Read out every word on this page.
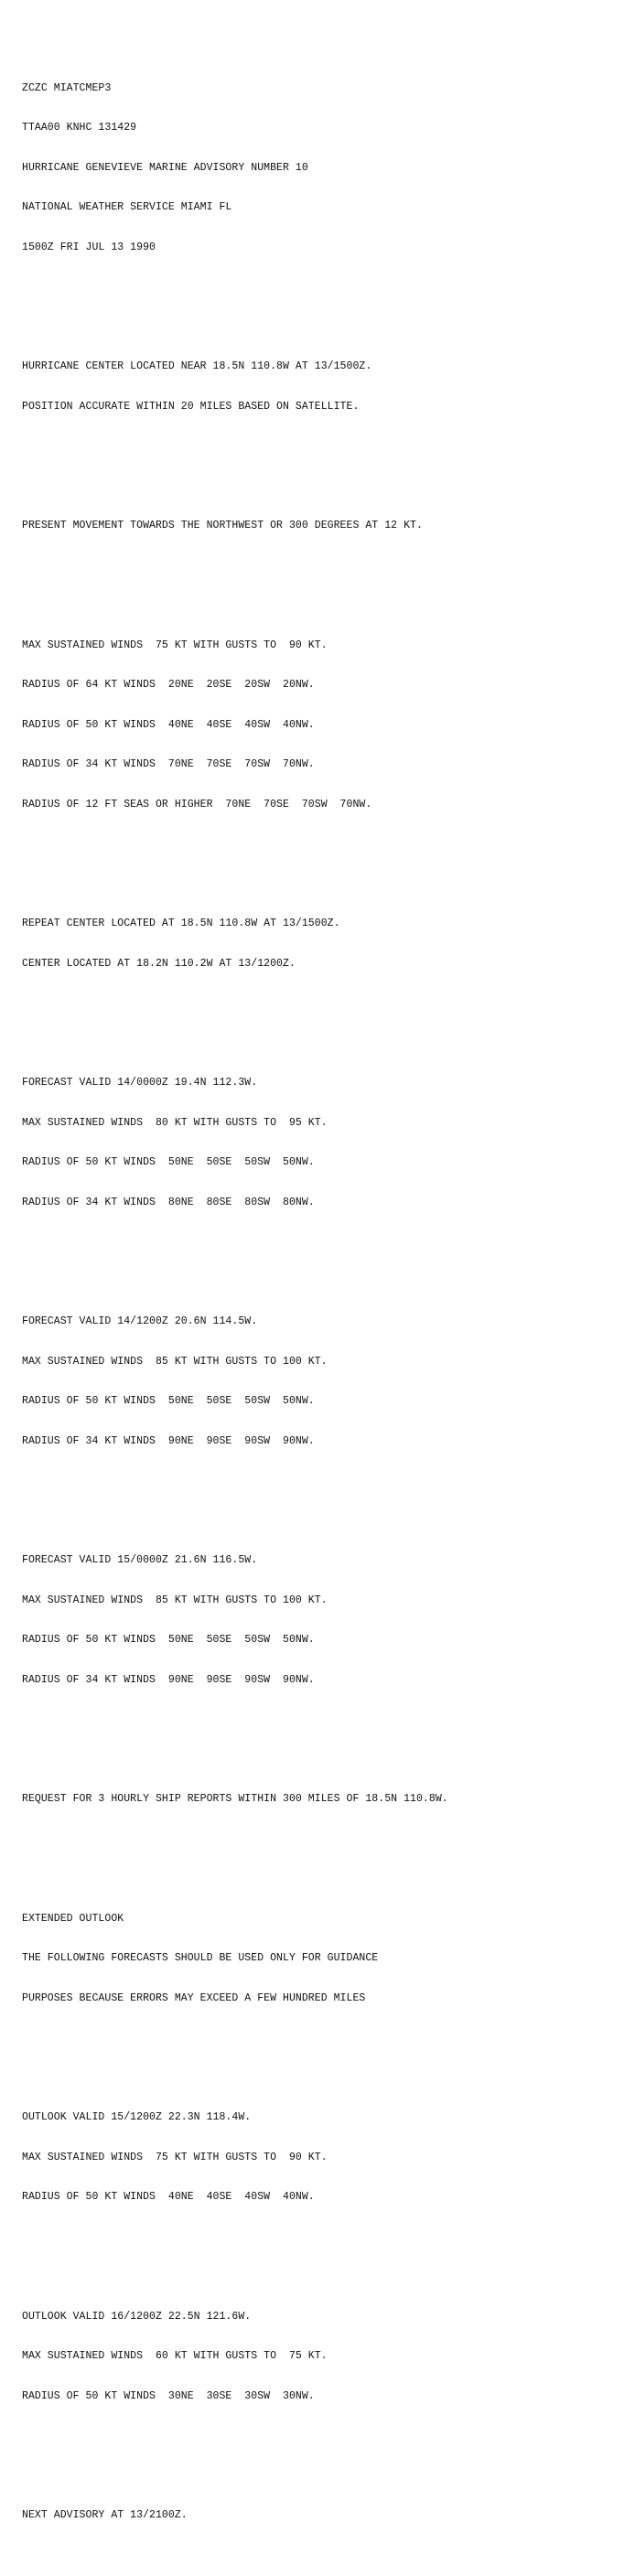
ZCZC MIATCMEP3

TTAA00 KNHC 131429

HURRICANE GENEVIEVE MARINE ADVISORY NUMBER 10

NATIONAL WEATHER SERVICE MIAMI FL

1500Z FRI JUL 13 1990

HURRICANE CENTER LOCATED NEAR 18.5N 110.8W AT 13/1500Z.

POSITION ACCURATE WITHIN 20 MILES BASED ON SATELLITE.

PRESENT MOVEMENT TOWARDS THE NORTHWEST OR 300 DEGREES AT 12 KT.

MAX SUSTAINED WINDS  75 KT WITH GUSTS TO  90 KT.

RADIUS OF 64 KT WINDS  20NE  20SE  20SW  20NW.

RADIUS OF 50 KT WINDS  40NE  40SE  40SW  40NW.

RADIUS OF 34 KT WINDS  70NE  70SE  70SW  70NW.

RADIUS OF 12 FT SEAS OR HIGHER  70NE  70SE  70SW  70NW.

REPEAT CENTER LOCATED AT 18.5N 110.8W AT 13/1500Z.

CENTER LOCATED AT 18.2N 110.2W AT 13/1200Z.

FORECAST VALID 14/0000Z 19.4N 112.3W.

MAX SUSTAINED WINDS  80 KT WITH GUSTS TO  95 KT.

RADIUS OF 50 KT WINDS  50NE  50SE  50SW  50NW.

RADIUS OF 34 KT WINDS  80NE  80SE  80SW  80NW.

FORECAST VALID 14/1200Z 20.6N 114.5W.

MAX SUSTAINED WINDS  85 KT WITH GUSTS TO 100 KT.

RADIUS OF 50 KT WINDS  50NE  50SE  50SW  50NW.

RADIUS OF 34 KT WINDS  90NE  90SE  90SW  90NW.

FORECAST VALID 15/0000Z 21.6N 116.5W.

MAX SUSTAINED WINDS  85 KT WITH GUSTS TO 100 KT.

RADIUS OF 50 KT WINDS  50NE  50SE  50SW  50NW.

RADIUS OF 34 KT WINDS  90NE  90SE  90SW  90NW.

REQUEST FOR 3 HOURLY SHIP REPORTS WITHIN 300 MILES OF 18.5N 110.8W.

EXTENDED OUTLOOK

THE FOLLOWING FORECASTS SHOULD BE USED ONLY FOR GUIDANCE

PURPOSES BECAUSE ERRORS MAY EXCEED A FEW HUNDRED MILES

OUTLOOK VALID 15/1200Z 22.3N 118.4W.

MAX SUSTAINED WINDS  75 KT WITH GUSTS TO  90 KT.

RADIUS OF 50 KT WINDS  40NE  40SE  40SW  40NW.

OUTLOOK VALID 16/1200Z 22.5N 121.6W.

MAX SUSTAINED WINDS  60 KT WITH GUSTS TO  75 KT.

RADIUS OF 50 KT WINDS  30NE  30SE  30SW  30NW.

NEXT ADVISORY AT 13/2100Z.
